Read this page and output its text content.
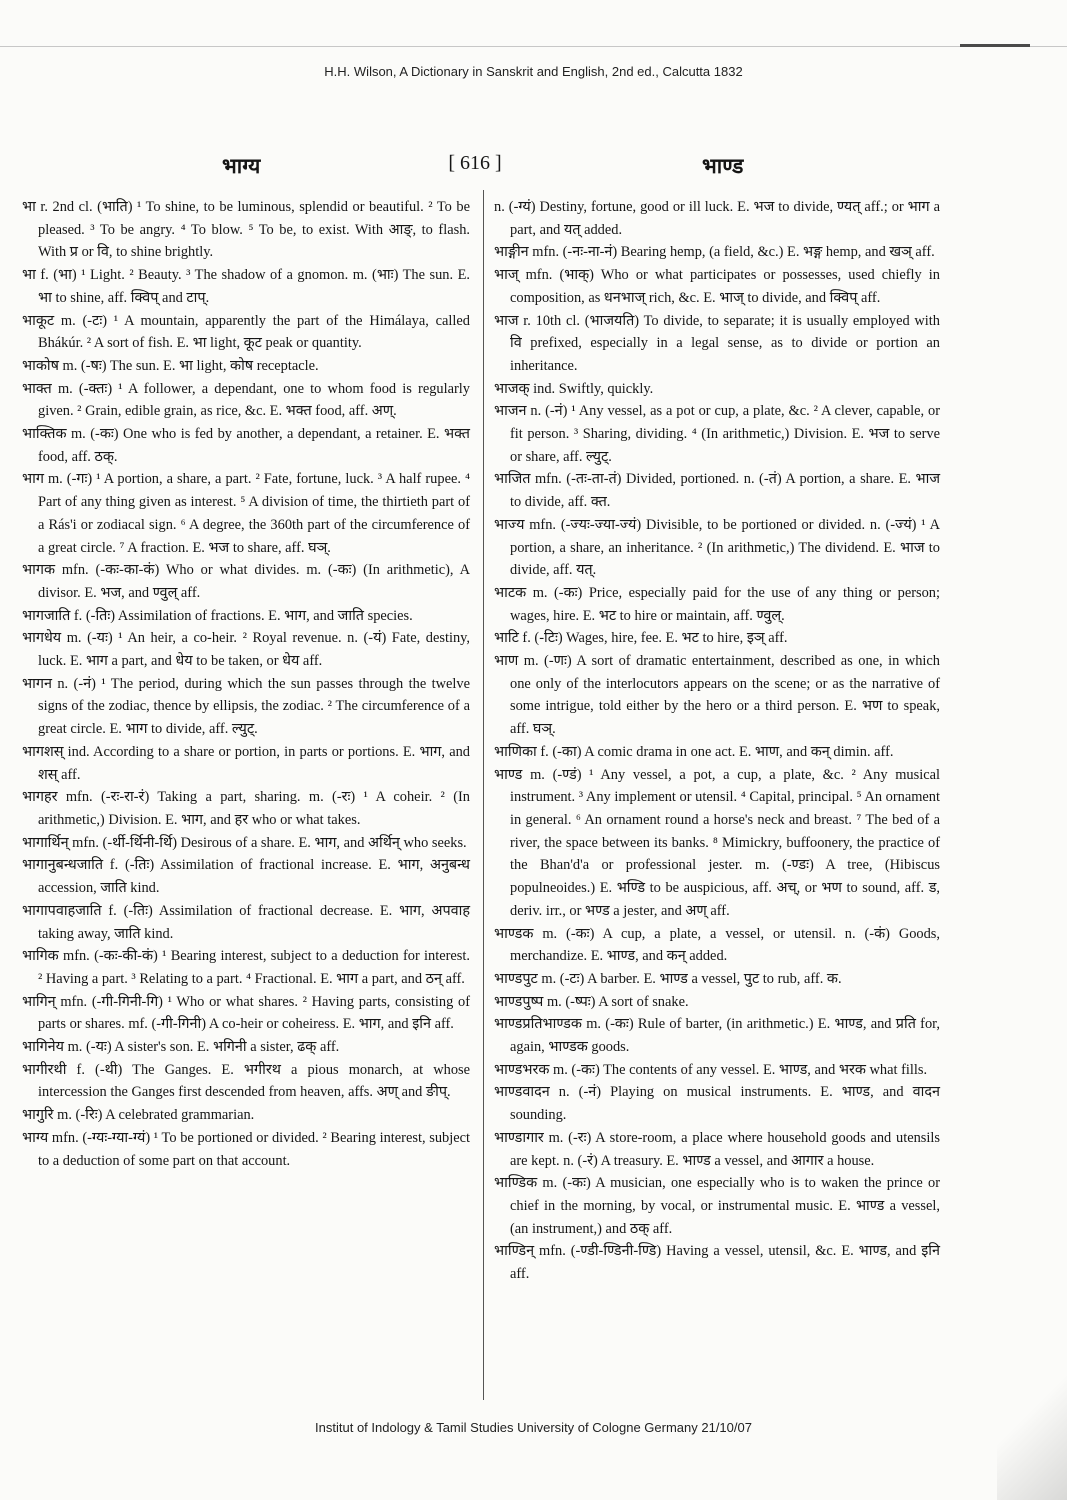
H.H. Wilson, A Dictionary in Sanskrit and English, 2nd ed., Calcutta 1832
भाग्य	[ 616 ]	भाण्ड
भा r. 2nd cl. (भाति) ¹ To shine, to be luminous, splendid or beautiful. ² To be pleased. ³ To be angry. ⁴ To blow. ⁵ To be, to exist. With आङ्, to flash. With प्र or वि, to shine brightly.
भा f. (भा) ¹ Light. ² Beauty. ³ The shadow of a gnomon. m. (भाः) The sun. E. भा to shine, aff. क्विप् and टाप्.
भाकूट m. (-टः) ¹ A mountain, apparently the part of the Himálaya, called Bhákúr. ² A sort of fish. E. भा light, कूट peak or quantity.
भाकोष m. (-षः) The sun. E. भा light, कोष receptacle.
भाक्त m. (-क्तः) ¹ A follower, a dependant, one to whom food is regularly given. ² Grain, edible grain, as rice, &c. E. भक्त food, aff. अण्.
भाक्तिक m. (-कः) One who is fed by another, a dependant, a retainer. E. भक्त food, aff. ठक्.
भाग m. (-गः) ¹ A portion, a share, a part. ² Fate, fortune, luck. ³ A half rupee. ⁴ Part of any thing given as interest. ⁵ A division of time, the thirtieth part of a Rás'i or zodiacal sign. ⁶ A degree, the 360th part of the circumference of a great circle. ⁷ A fraction. E. भज to share, aff. घञ्.
भागक mfn. (-कः-का-कं) Who or what divides. m. (-कः) (In arithmetic), A divisor. E. भज, and ण्वुल् aff.
भागजाति f. (-तिः) Assimilation of fractions. E. भाग, and जाति species.
भागधेय m. (-यः) ¹ An heir, a co-heir. ² Royal revenue. n. (-यं) Fate, destiny, luck. E. भाग a part, and धेय to be taken, or धेय aff.
भागन n. (-नं) ¹ The period, during which the sun passes through the twelve signs of the zodiac, thence by ellipsis, the zodiac. ² The circumference of a great circle. E. भाग to divide, aff. ल्युट्.
भागशस् ind. According to a share or portion, in parts or portions. E. भाग, and शस् aff.
भागहर mfn. (-रः-रा-रं) Taking a part, sharing. m. (-रः) ¹ A coheir. ² (In arithmetic,) Division. E. भाग, and हर who or what takes.
भागार्थिन् mfn. (-र्थी-र्थिनी-र्थि) Desirous of a share. E. भाग, and अर्थिन् who seeks.
भागानुबन्धजाति f. (-तिः) Assimilation of fractional increase. E. भाग, अनुबन्ध accession, जाति kind.
भागापवाहजाति f. (-तिः) Assimilation of fractional decrease. E. भाग, अपवाह taking away, जाति kind.
भागिक mfn. (-कः-की-कं) ¹ Bearing interest, subject to a deduction for interest. ² Having a part. ³ Relating to a part. ⁴ Fractional. E. भाग a part, and ठन् aff.
भागिन् mfn. (-गी-गिनी-गि) ¹ Who or what shares. ² Having parts, consisting of parts or shares. mf. (-गी-गिनी) A co-heir or coheiress. E. भाग, and इनि aff.
भागिनेय m. (-यः) A sister's son. E. भगिनी a sister, ढक् aff.
भागीरथी f. (-थी) The Ganges. E. भगीरथ a pious monarch, at whose intercession the Ganges first descended from heaven, affs. अण् and ङीप्.
भागुरि m. (-रिः) A celebrated grammarian.
भाग्य mfn. (-ग्यः-ग्या-ग्यं) ¹ To be portioned or divided. ² Bearing interest, subject to a deduction of some part on that account.
n. (-ग्यं) Destiny, fortune, good or ill luck. E. भज to divide, ण्यत् aff.; or भाग a part, and यत् added.
भाङ्गीन mfn. (-नः-ना-नं) Bearing hemp, (a field, &c.) E. भङ्ग hemp, and खञ् aff.
भाज् mfn. (भाक्) Who or what participates or possesses, used chiefly in composition, as धनभाज् rich, &c. E. भाज् to divide, and क्विप् aff.
भाज r. 10th cl. (भाजयति) To divide, to separate; it is usually employed with वि prefixed, especially in a legal sense, as to divide or portion an inheritance.
भाजक् ind. Swiftly, quickly.
भाजन n. (-नं) ¹ Any vessel, as a pot or cup, a plate, &c. ² A clever, capable, or fit person. ³ Sharing, dividing. ⁴ (In arithmetic,) Division. E. भज to serve or share, aff. ल्युट्.
भाजित mfn. (-तः-ता-तं) Divided, portioned. n. (-तं) A portion, a share. E. भाज to divide, aff. क्त.
भाज्य mfn. (-ज्यः-ज्या-ज्यं) Divisible, to be portioned or divided. n. (-ज्यं) ¹ A portion, a share, an inheritance. ² (In arithmetic,) The dividend. E. भाज to divide, aff. यत्.
भाटक m. (-कः) Price, especially paid for the use of any thing or person; wages, hire. E. भट to hire or maintain, aff. ण्वुल्.
भाटि f. (-टिः) Wages, hire, fee. E. भट to hire, इञ् aff.
भाण m. (-णः) A sort of dramatic entertainment, described as one, in which one only of the interlocutors appears on the scene; or as the narrative of some intrigue, told either by the hero or a third person. E. भण to speak, aff. घञ्.
भाणिका f. (-का) A comic drama in one act. E. भाण, and कन् dimin. aff.
भाण्ड m. (-ण्डं) ¹ Any vessel, a pot, a cup, a plate, &c. ² Any musical instrument. ³ Any implement or utensil. ⁴ Capital, principal. ⁵ An ornament in general. ⁶ An ornament round a horse's neck and breast. ⁷ The bed of a river, the space between its banks. ⁸ Mimickry, buffoonery, the practice of the Bhan'd'a or professional jester. m. (-ण्डः) A tree, (Hibiscus populneoides.) E. भण्डि to be auspicious, aff. अच्, or भण to sound, aff. ड, deriv. irr., or भण्ड a jester, and अण् aff.
भाण्डक m. (-कः) A cup, a plate, a vessel, or utensil. n. (-कं) Goods, merchandize. E. भाण्ड, and कन् added.
भाण्डपुट m. (-टः) A barber. E. भाण्ड a vessel, पुट to rub, aff. क.
भाण्डपुष्प m. (-ष्पः) A sort of snake.
भाण्डप्रतिभाण्डक m. (-कः) Rule of barter, (in arithmetic.) E. भाण्ड, and प्रति for, again, भाण्डक goods.
भाण्डभरक m. (-कः) The contents of any vessel. E. भाण्ड, and भरक what fills.
भाण्डवादन n. (-नं) Playing on musical instruments. E. भाण्ड, and वादन sounding.
भाण्डागार m. (-रः) A store-room, a place where household goods and utensils are kept. n. (-रं) A treasury. E. भाण्ड a vessel, and आगार a house.
भाण्डिक m. (-कः) A musician, one especially who is to waken the prince or chief in the morning, by vocal, or instrumental music. E. भाण्ड a vessel, (an instrument,) and ठक् aff.
भाण्डिन् mfn. (-ण्डी-ण्डिनी-ण्डि) Having a vessel, utensil, &c. E. भाण्ड, and इनि aff.
Institut of Indology & Tamil Studies University of Cologne Germany 21/10/07
